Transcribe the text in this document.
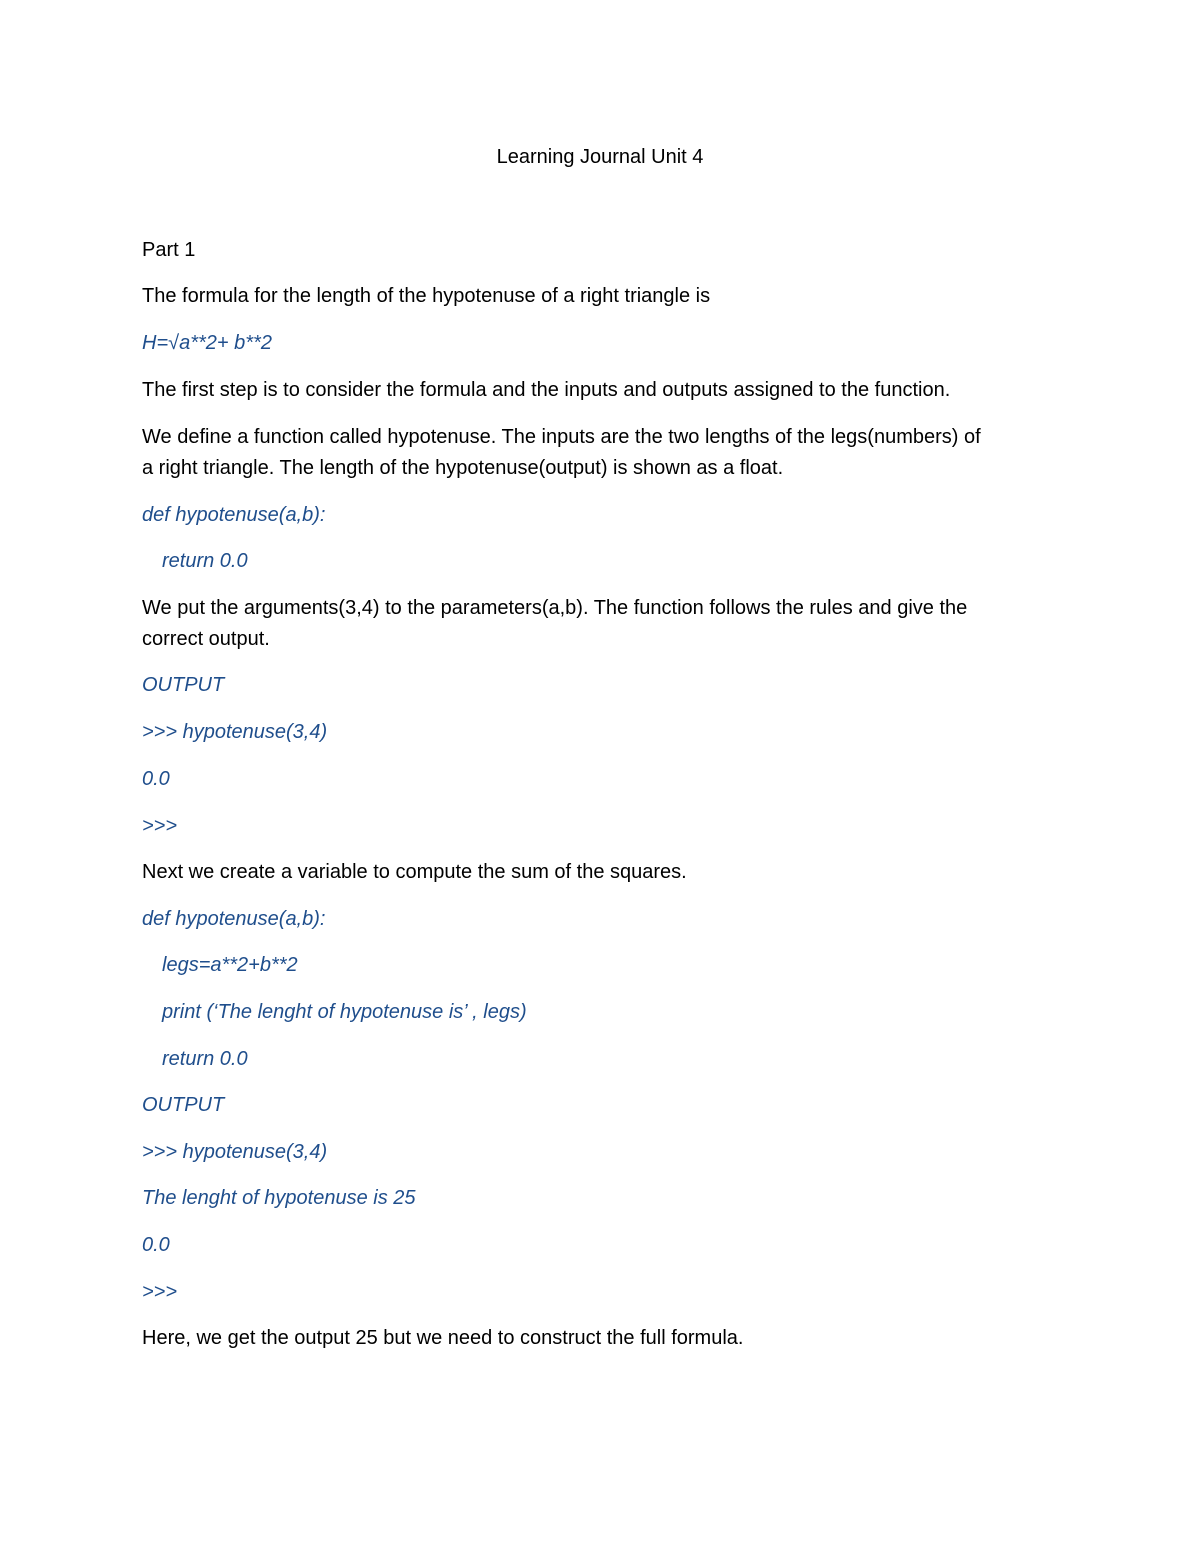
Learning Journal Unit 4
Part 1
The formula for the length of the hypotenuse of a right triangle is
H=√a**2+ b**2
The first step is to consider the formula and the inputs and outputs assigned to the function.
We define a function called hypotenuse. The inputs are the two lengths of the legs(numbers) of
a right triangle. The length of the hypotenuse(output) is shown as a float.
def hypotenuse(a,b):
return 0.0
We put the arguments(3,4) to the parameters(a,b). The function follows the rules and give the
correct output.
OUTPUT
>>> hypotenuse(3,4)
0.0
>>>
Next we create a variable to compute the sum of the squares.
def hypotenuse(a,b):
legs=a**2+b**2
print (‘The lenght of hypotenuse is’ , legs)
return 0.0
OUTPUT
>>> hypotenuse(3,4)
The lenght of hypotenuse is 25
0.0
>>>
Here, we get the output 25 but we need to construct the full formula.
